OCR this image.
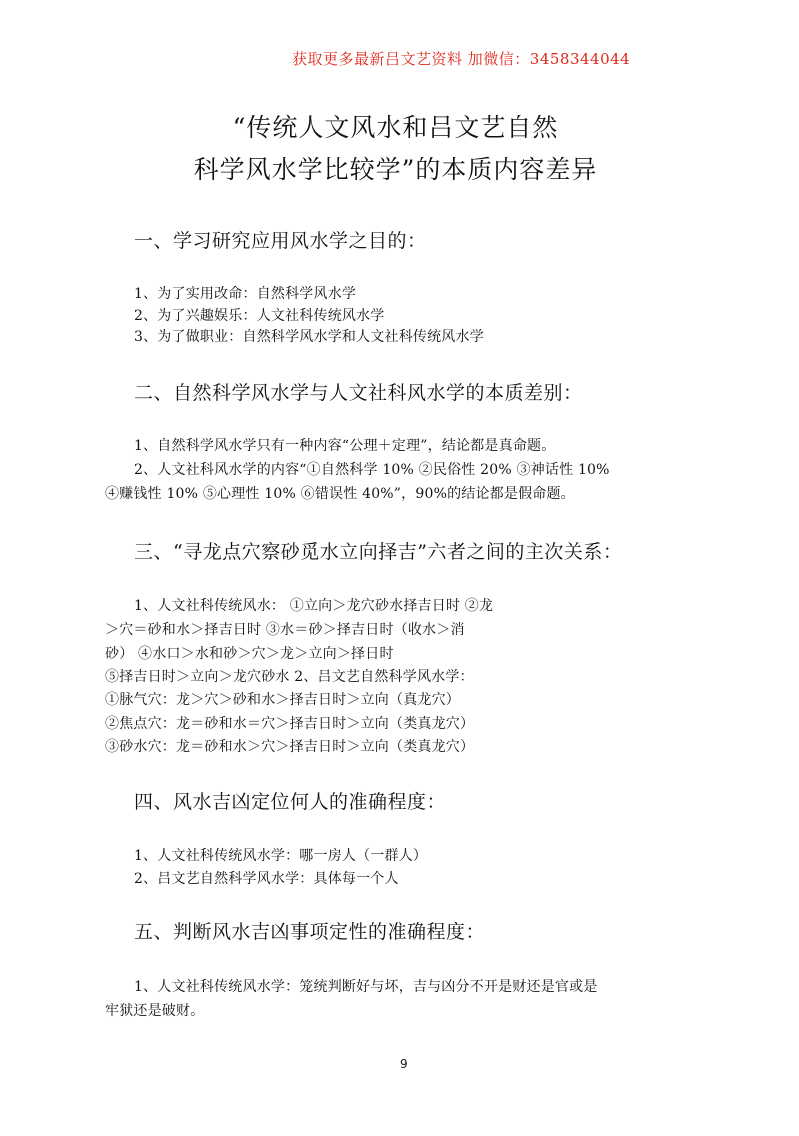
获取更多最新吕文艺资料 加微信：3458344044
“传统人文风水和吕文艺自然
科学风水学比较学”的本质内容差异
一、学习研究应用风水学之目的：
1、为了实用改命：自然科学风水学
2、为了兴趣娱乐：人文社科传统风水学
3、为了做职业：自然科学风水学和人文社科传统风水学
二、自然科学风水学与人文社科风水学的本质差别：
1、自然科学风水学只有一种内容“公理＋定理”，结论都是真命题。
2、人文社科风水学的内容“①自然科学 10% ②民俗性 20% ③神话性 10%
④赚钱性 10% ⑤心理性 10% ⑥错误性 40%”，90%的结论都是假命题。
三、“寻龙点穴察砂觅水立向择吉”六者之间的主次关系：
1、人文社科传统风水： ①立向＞龙穴砂水择吉日时 ②龙
＞穴＝砂和水＞择吉日时 ③水＝砂＞择吉日时（收水＞消
砂） ④水口＞水和砂＞穴＞龙＞立向＞择日时
⑤择吉日时＞立向＞龙穴砂水 2、吕文艺自然科学风水学：
①脉气穴：龙＞穴＞砂和水＞择吉日时＞立向（真龙穴）
②焦点穴：龙＝砂和水＝穴＞择吉日时＞立向（类真龙穴）
③砂水穴：龙＝砂和水＞穴＞择吉日时＞立向（类真龙穴）
四、风水吉凶定位何人的准确程度：
1、人文社科传统风水学：哪一房人（一群人）
2、吕文艺自然科学风水学：具体每一个人
五、判断风水吉凶事项定性的准确程度：
1、人文社科传统风水学：笼统判断好与坏，吉与凶分不开是财还是官或是
牢狱还是破财。
9
